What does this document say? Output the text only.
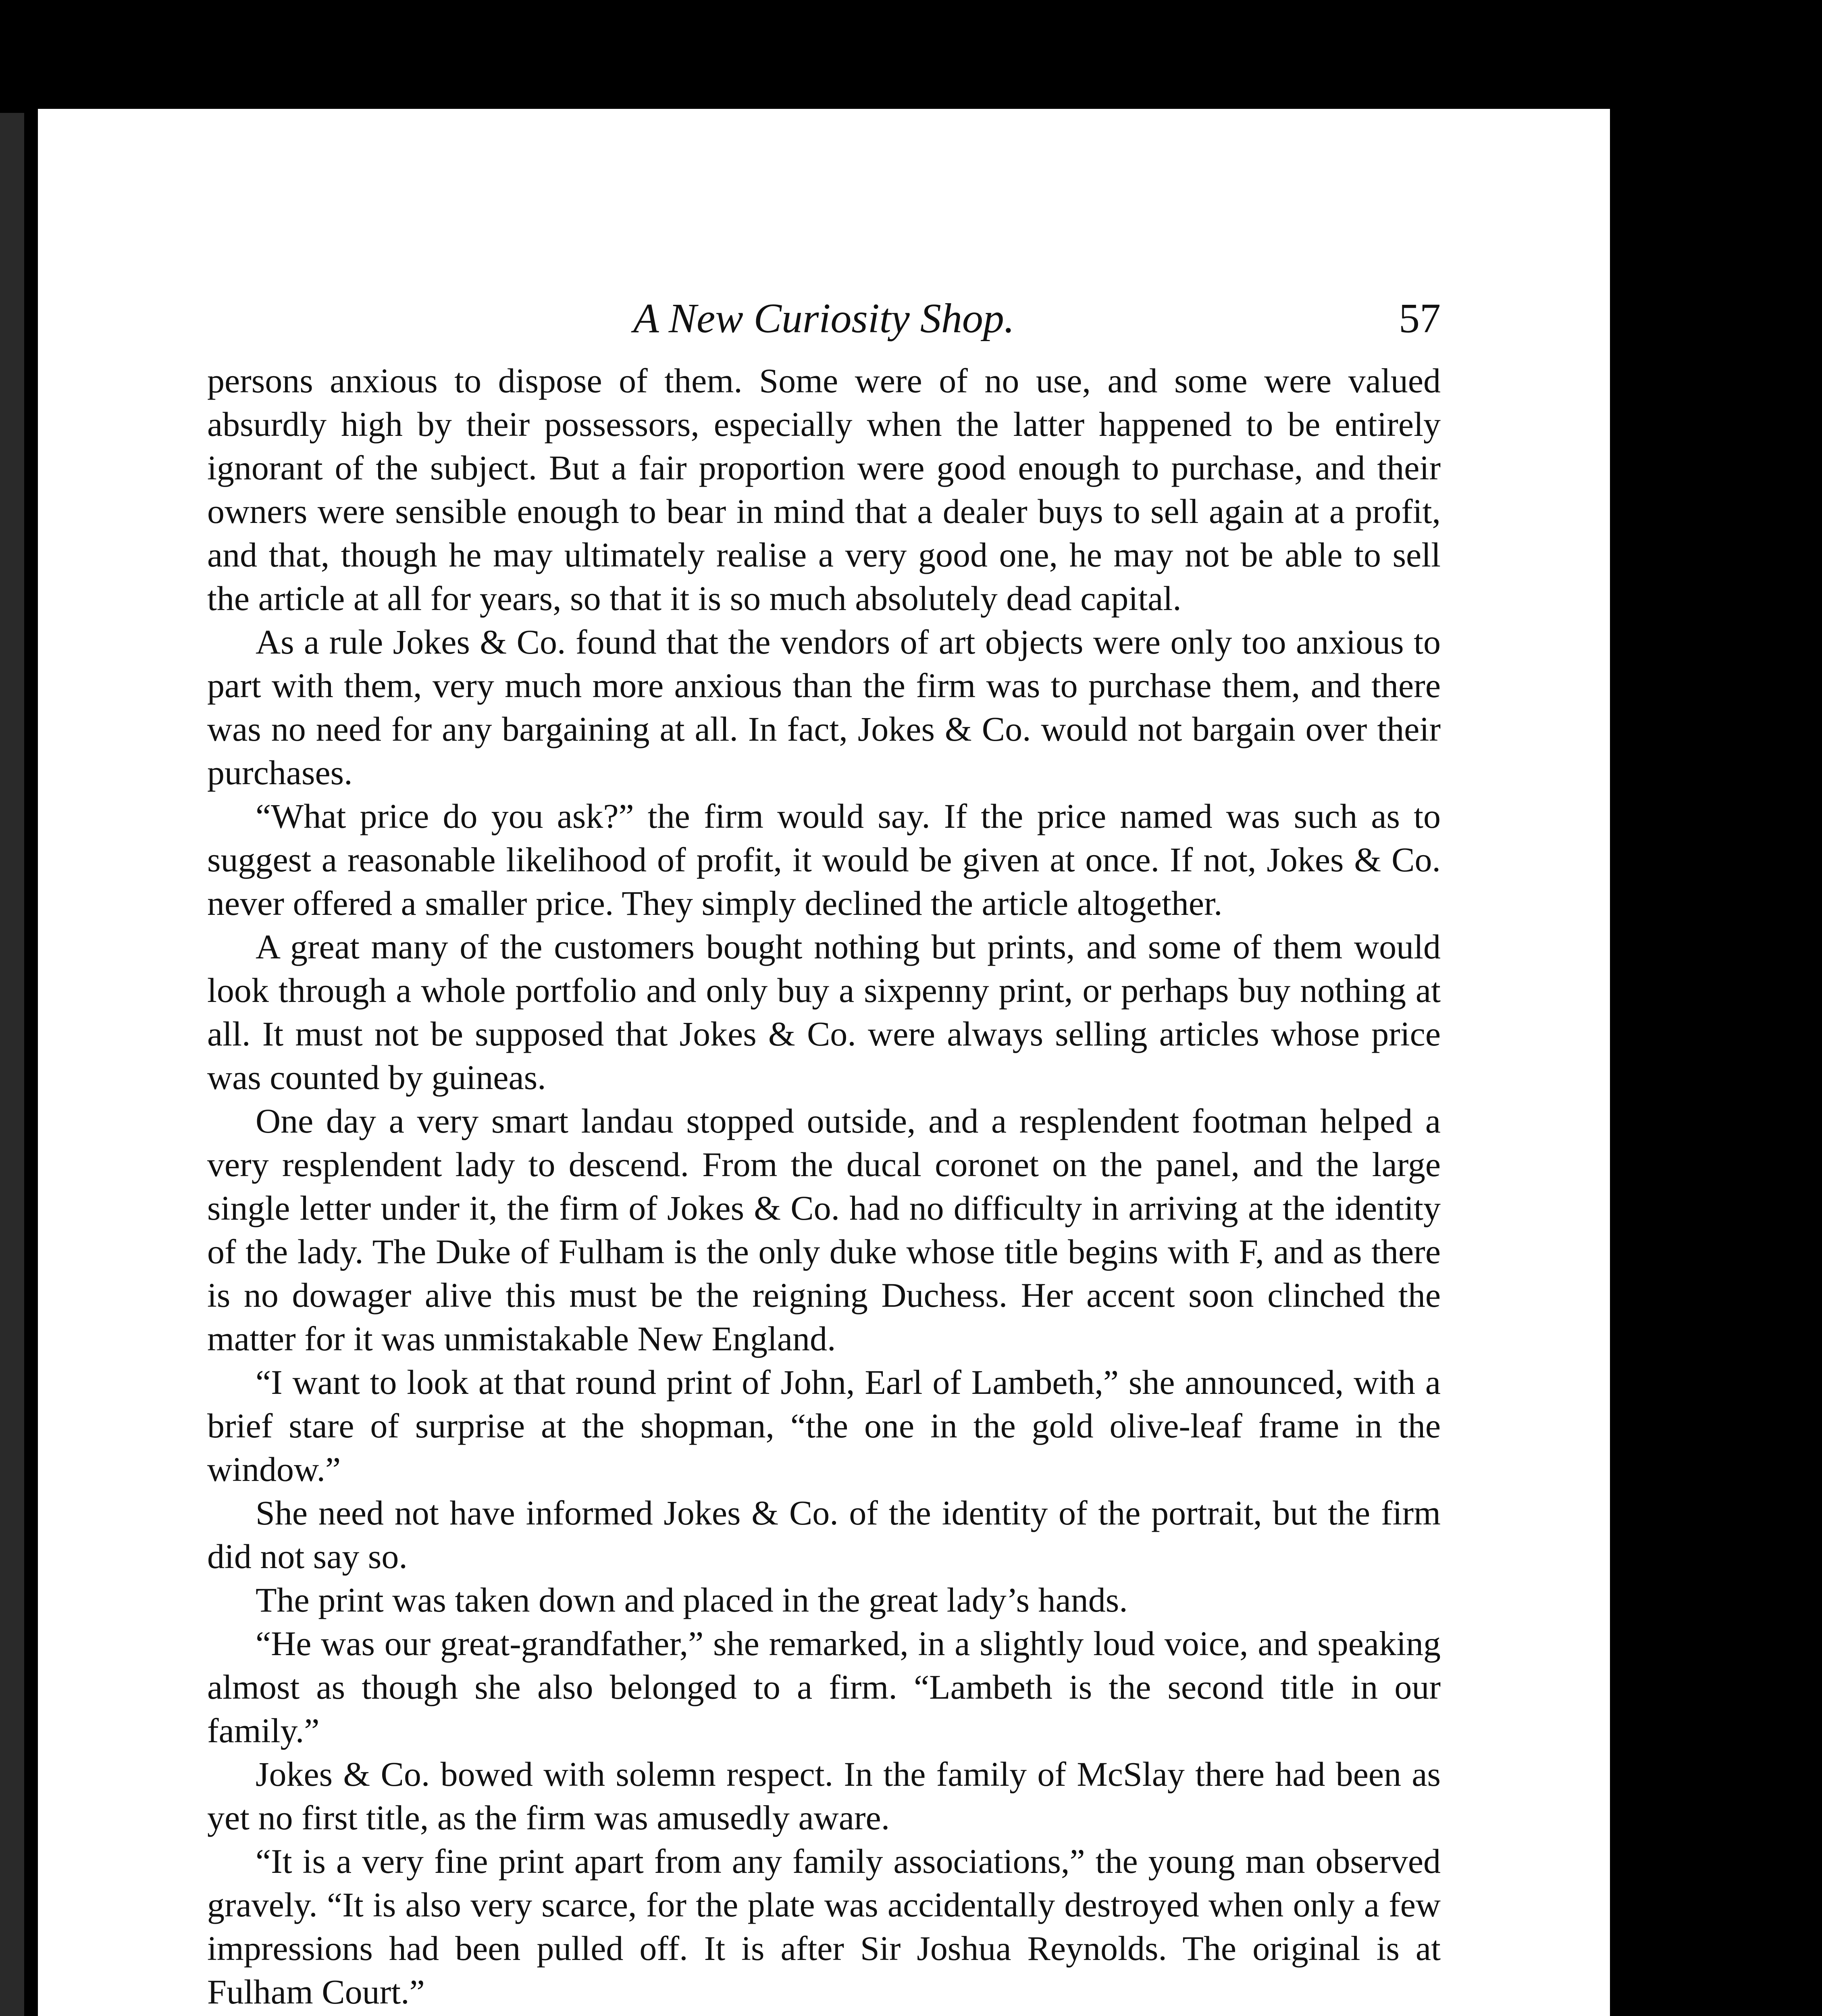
A New Curiosity Shop.	57

persons anxious to dispose of them. Some were of no use, and some were valued absurdly high by their possessors, especially when the latter happened to be entirely ignorant of the subject. But a fair proportion were good enough to purchase, and their owners were sensible enough to bear in mind that a dealer buys to sell again at a profit, and that, though he may ultimately realise a very good one, he may not be able to sell the article at all for years, so that it is so much absolutely dead capital.

As a rule Jokes & Co. found that the vendors of art objects were only too anxious to part with them, very much more anxious than the firm was to purchase them, and there was no need for any bargaining at all. In fact, Jokes & Co. would not bargain over their purchases.

“What price do you ask?” the firm would say. If the price named was such as to suggest a reasonable likelihood of profit, it would be given at once. If not, Jokes & Co. never offered a smaller price. They simply declined the article altogether.

A great many of the customers bought nothing but prints, and some of them would look through a whole portfolio and only buy a sixpenny print, or perhaps buy nothing at all. It must not be supposed that Jokes & Co. were always selling articles whose price was counted by guineas.

One day a very smart landau stopped outside, and a resplendent footman helped a very resplendent lady to descend. From the ducal coronet on the panel, and the large single letter under it, the firm of Jokes & Co. had no difficulty in arriving at the identity of the lady. The Duke of Fulham is the only duke whose title begins with F, and as there is no dowager alive this must be the reigning Duchess. Her accent soon clinched the matter for it was unmistakable New England.

“I want to look at that round print of John, Earl of Lambeth,” she announced, with a brief stare of surprise at the shopman, “the one in the gold olive-leaf frame in the window.”

She need not have informed Jokes & Co. of the identity of the portrait, but the firm did not say so.

The print was taken down and placed in the great lady’s hands.

“He was our great-grandfather,” she remarked, in a slightly loud voice, and speaking almost as though she also belonged to a firm. “Lambeth is the second title in our family.”

Jokes & Co. bowed with solemn respect. In the family of McSlay there had been as yet no first title, as the firm was amusedly aware.

“It is a very fine print apart from any family associations,” the young man observed gravely. “It is also very scarce, for the plate was accidentally destroyed when only a few impressions had been pulled off. It is after Sir Joshua Reynolds. The original is at Fulham Court.”
